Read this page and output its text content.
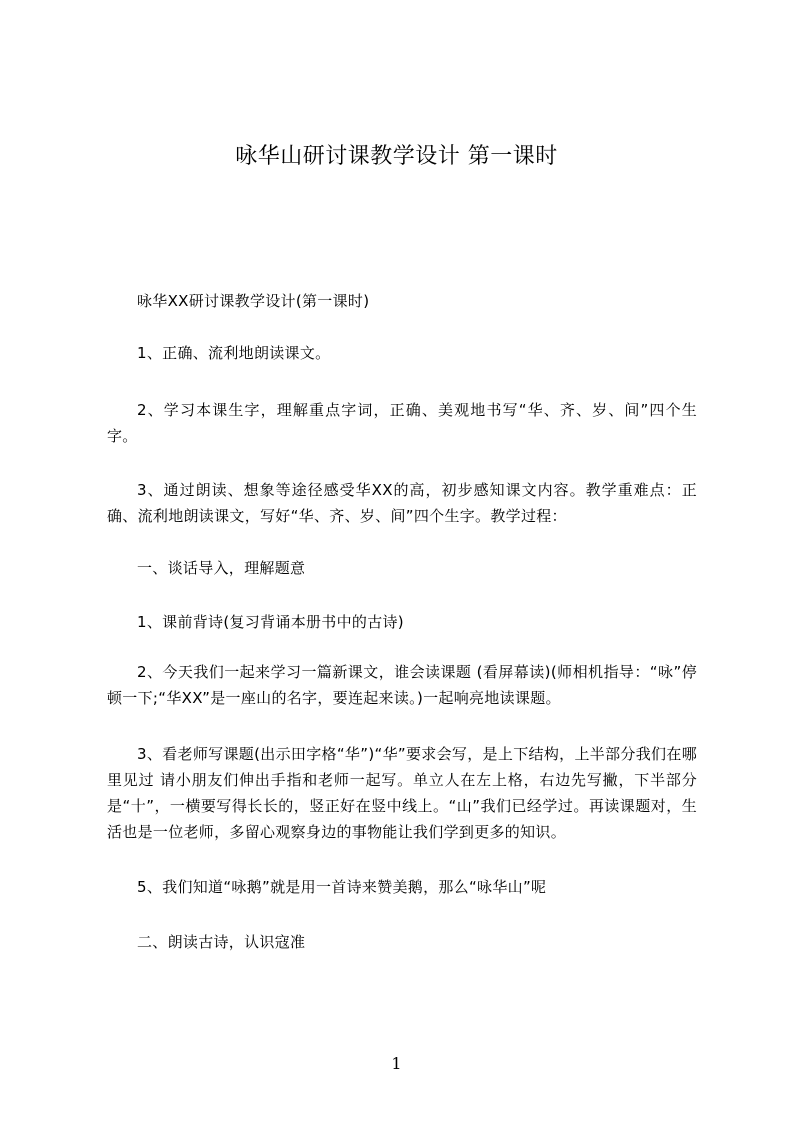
咏华山研讨课教学设计 第一课时
咏华XX研讨课教学设计(第一课时)
1、正确、流利地朗读课文。
2、学习本课生字，理解重点字词，正确、美观地书写“华、齐、岁、间”四个生字。
3、通过朗读、想象等途径感受华XX的高，初步感知课文内容。教学重难点：正确、流利地朗读课文，写好“华、齐、岁、间”四个生字。教学过程：
一、谈话导入，理解题意
1、课前背诗(复习背诵本册书中的古诗)
2、今天我们一起来学习一篇新课文，谁会读课题 (看屏幕读)(师相机指导：“咏”停顿一下;“华XX”是一座山的名字，要连起来读。)一起响亮地读课题。
3、看老师写课题(出示田字格“华”)“华”要求会写，是上下结构，上半部分我们在哪里见过 请小朋友们伸出手指和老师一起写。单立人在左上格，右边先写撇，下半部分是“十”，一横要写得长长的，竖正好在竖中线上。“山”我们已经学过。再读课题对，生活也是一位老师，多留心观察身边的事物能让我们学到更多的知识。
5、我们知道“咏鹅”就是用一首诗来赞美鹅，那么“咏华山”呢
二、朗读古诗，认识寇准
1
